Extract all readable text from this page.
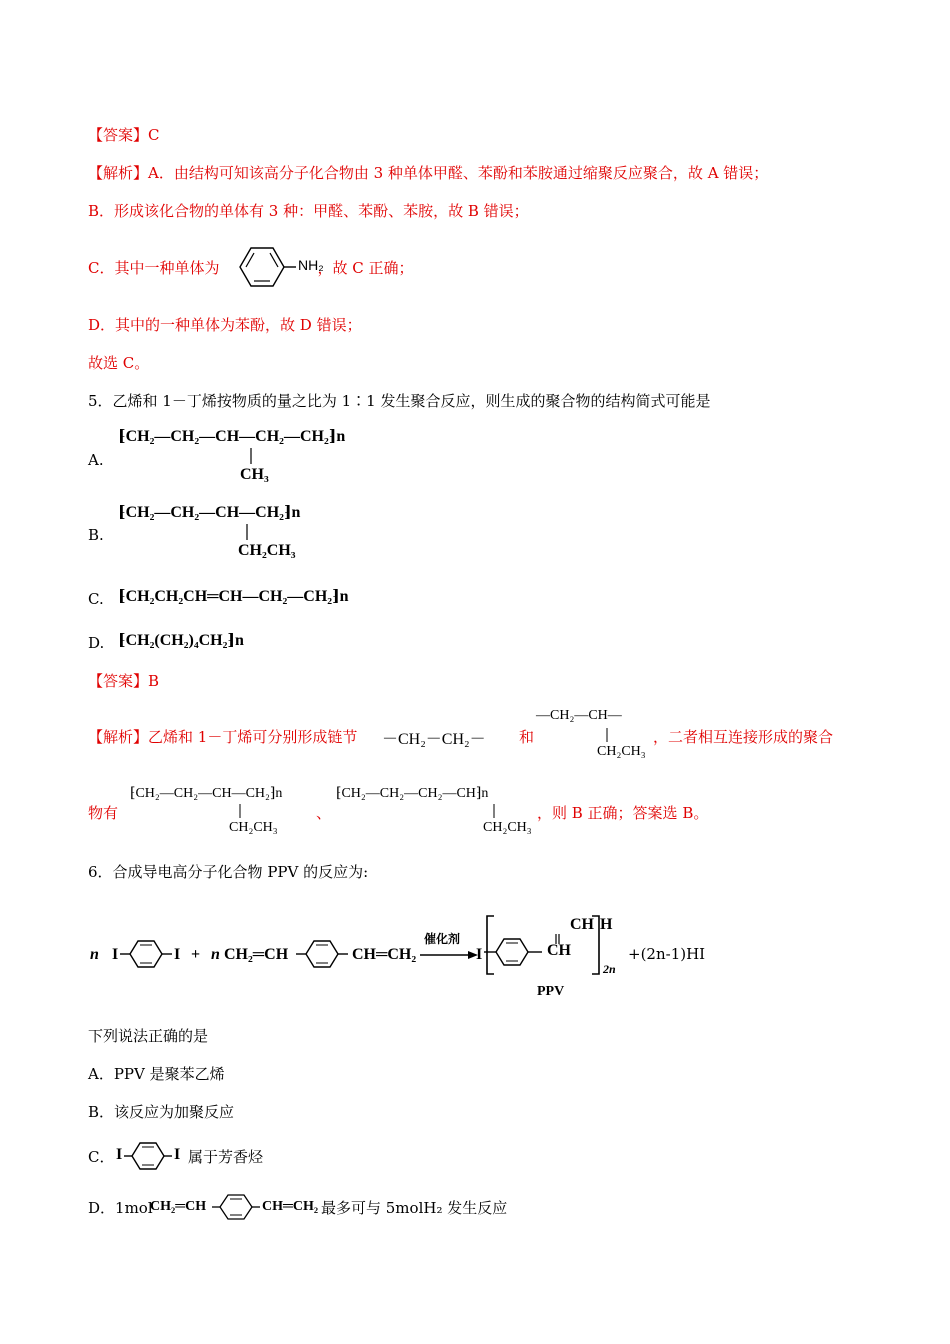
【答案】C
【解析】A．由结构可知该高分子化合物由 3 种单体甲醛、苯酚和苯胺通过缩聚反应聚合，故 A 错误；
B．形成该化合物的单体有 3 种：甲醛、苯酚、苯胺，故 B 错误；
C．其中一种单体为	，故 C 正确；
NH₂
D．其中的一种单体为苯酚，故 D 错误；
故选 C。
5．乙烯和 1－丁烯按物质的量之比为 1∶1 发生聚合反应，则生成的聚合物的结构简式可能是
A.
⁅CH₂—CH₂—CH—CH₂—CH₂⁆n
CH₃
B.
⁅CH₂—CH₂—CH—CH₂⁆n
CH₂CH₃
C. ⁅CH₂CH₂CH═CH—CH₂—CH₂⁆n
D. ⁅CH₂(CH₂)₄CH₂⁆n
【答案】B
【解析】乙烯和 1－丁烯可分别形成链节 －CH₂－CH₂－ 和
—CH₂—CH—
CH₂CH₃
，二者相互连接形成的聚合
物有
⁅CH₂—CH₂—CH—CH₂⁆n
CH₂CH₃
、
⁅CH₂—CH₂—CH₂—CH⁆n
CH₂CH₃
，则 B 正确；答案选 B。
6．合成导电高分子化合物 PPV 的反应为:
n I	I + n CH₂═CH	CH═CH₂
催化剂
I
CH H
CH
2n
+(2n-1)HI
PPV
下列说法正确的是
A．PPV 是聚苯乙烯
B．该反应为加聚反应
C． I	I 属于芳香烃
D．1mol
CH₂═CH	CH═CH₂ 最多可与 5molH₂ 发生反应
